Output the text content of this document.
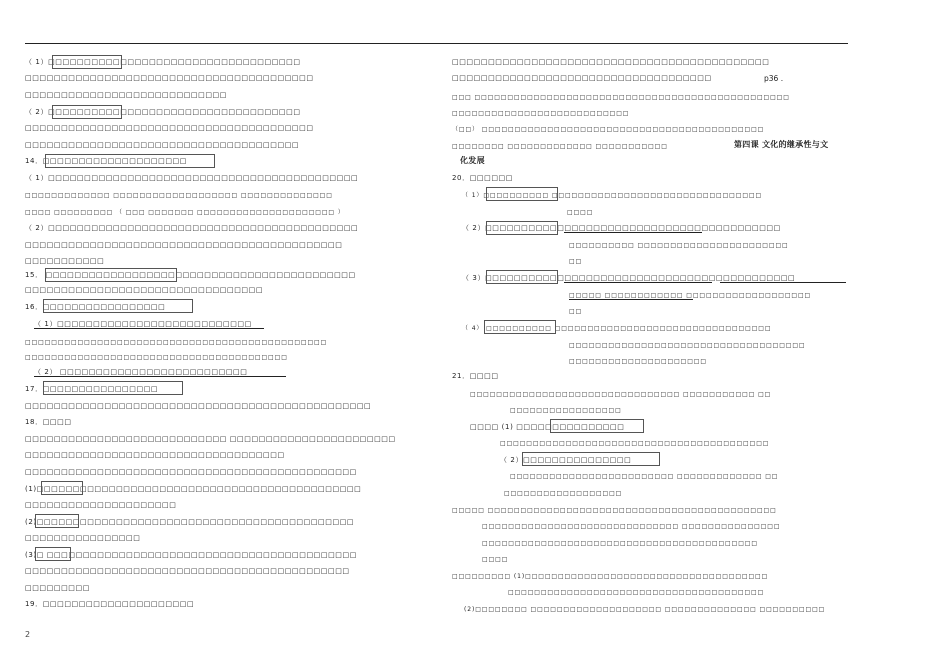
（ 1）□□□□□□□□□□□□□□□□□□□□□□□□□□□□□□□□□□□
□□□□□□□□□□□□□□□□□□□□□□□□□□□□□□□□□□□□□□□□
□□□□□□□□□□□□□□□□□□□□□□□□□□□□
（ 2）□□□□□□□□□□□□□□□□□□□□□□□□□□□□□□□□□□□
□□□□□□□□□□□□□□□□□□□□□□□□□□□□□□□□□□□□□□□□
□□□□□□□□□□□□□□□□□□□□□□□□□□□□□□□□□□□□□□
14．□□□□□□□□□□□□□□□□□□□□
（ 1）□□□□□□□□□□□□□□□□□□□□□□□□□□□□□□□□□□□□□□□□□□□
□□□□□□□□□□□□□ □□□□□□□□□□□□□□□□□□□ □□□□□□□□□□□□□□
□□□□ □□□□□□□□□ （ □□□ □□□□□□□ □□□□□□□□□□□□□□□□□□□□□ ）
（ 2）□□□□□□□□□□□□□□□□□□□□□□□□□□□□□□□□□□□□□□□□□□□
□□□□□□□□□□□□□□□□□□□□□□□□□□□□□□□□□□□□□□□□□□□□
□□□□□□□□□□□
15． □□□□□□□□□□□□□□□□□□□□□□□□□□□□□□□□□□□□□□□□□□□
□□□□□□□□□□□□□□□□□□□□□□□□□□□□□□□□□
16．□□□□□□□□□□□□□□□□□
（ 1）□□□□□□□□□□□□□□□□□□□□□□□□□□□
□□□□□□□□□□□□□□□□□□□□□□□□□□□□□□□□□□□□□□□□□□□□□□
□□□□□□□□□□□□□□□□□□□□□□□□□□□□□□□□□□□□□□□□
（ 2） □□□□□□□□□□□□□□□□□□□□□□□□□□
17．□□□□□□□□□□□□□□□□
□□□□□□□□□□□□□□□□□□□□□□□□□□□□□□□□□□□□□□□□□□□□□□□□
18．□□□□
□□□□□□□□□□□□□□□□□□□□□□□□□□□□ □□□□□□□□□□□□□□□□□□□□□□□
□□□□□□□□□□□□□□□□□□□□□□□□□□□□□□□□□□□□
□□□□□□□□□□□□□□□□□□□□□□□□□□□□□□□□□□□□□□□□□□□□□□
(1)□□□□□□□□□□□□□□□□□□□□□□□□□□□□□□□□□□□□□□□□□□□□□
□□□□□□□□□□□□□□□□□□□□□
(2)□□□□□□□□□□□□□□□□□□□□□□□□□□□□□□□□□□□□□□□□□□□□
□□□□□□□□□□□□□□□□
(3)□ □□□□□□□□□□□□□□□□□□□□□□□□□□□□□□□□□□□□□□□□□□□
□□□□□□□□□□□□□□□□□□□□□□□□□□□□□□□□□□□□□□□□□□□□□
□□□□□□□□□
19．□□□□□□□□□□□□□□□□□□□□□
□□□□□□□□□□□□□□□□□□□□□□□□□□□□□□□□□□□□□□□□□□□□
□□□□□□□□□□□□□□□□□□□□□□□□□□□□□□□□□□□□	p36 .
□□□ □□□□□□□□□□□□□□□□□□□□□□□□□□□□□□□□□□□□□□□□□□□□□□□□
□□□□□□□□□□□□□□□□□□□□□□□□□□□
（□□） □□□□□□□□□□□□□□□□□□□□□□□□□□□□□□□□□□□□□□□□□□□
□□□□□□□□ □□□□□□□□□□□□□ □□□□□□□□□□□	第四课 文化的继承性与文
化发展
20．□□□□□□
（ 1）□□□□□□□□□□ □□□□□□□□□□□□□□□□□□□□□□□□□□□□□□□□
□□□□
（ 2）□□□□□□□□□□□□□□□□□□□□□□□□□□□□□□□□□□□□□□□□□
□□□□□□□□□□ □□□□□□□□□□□□□□□□□□□□□□□
□□
（ 3）□□□□□□□□□□□□□□□□□□□□□□□□□□□□□□□□□□□□□□□□□□□
□□□□□ □□□□□□□□□□□□ □□□□□□□□□□□□□□□□□□□
□□
（ 4） □□□□□□□□□□ □□□□□□□□□□□□□□□□□□□□□□□□□□□□□□□□□
□□□□□□□□□□□□□□□□□□□□□□□□□□□□□□□□□□□□
□□□□□□□□□□□□□□□□□□□□□
21．□□□□
□□□□□□□□□□□□□□□□□□□□□□□□□□□□□□□□ □□□□□□□□□□□ □□
□□□□□□□□□□□□□□□□□
□□□□ (1) □□□□□□□□□□□□□□□
□□□□□□□□□□□□□□□□□□□□□□□□□□□□□□□□□□□□□□□□□
（ 2）□□□□□□□□□□□□□□□
□□□□□□□□□□□□□□□□□□□□□□□□□ □□□□□□□□□□□□□ □□
□□□□□□□□□□□□□□□□□□
□□□□□ □□□□□□□□□□□□□□□□□□□□□□□□□□□□□□□□□□□□□□□□□□□□
□□□□□□□□□□□□□□□□□□□□□□□□□□□□□□ □□□□□□□□□□□□□□□
□□□□□□□□□□□□□□□□□□□□□□□□□□□□□□□□□□□□□□□□□□
□□□□
□□□□□□□□□ (1)□□□□□□□□□□□□□□□□□□□□□□□□□□□□□□□□□□□□□
□□□□□□□□□□□□□□□□□□□□□□□□□□□□□□□□□□□□□□□
(2)□□□□□□□□ □□□□□□□□□□□□□□□□□□□□ □□□□□□□□□□□□□□ □□□□□□□□□□
2
